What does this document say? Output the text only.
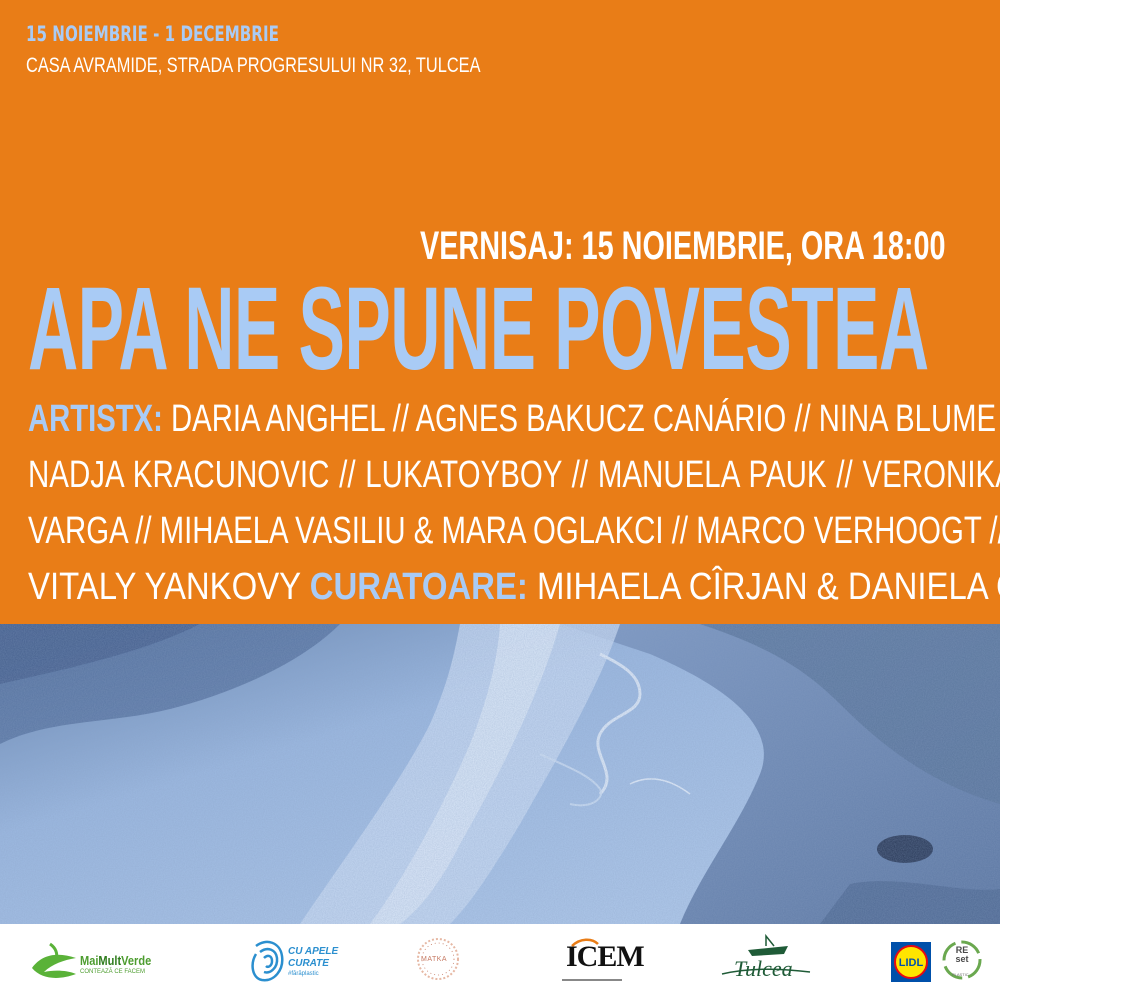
15 NOIEMBRIE - 1 DECEMBRIE
CASA AVRAMIDE, STRADA PROGRESULUI NR 32, TULCEA
VERNISAJ: 15 NOIEMBRIE, ORA 18:00
APA NE SPUNE POVESTEA
ARTISTX: DARIA ANGHEL // AGNES BAKUCZ CANÁRIO // NINA BLUME //
NADJA KRACUNOVIC // LUKATOYBOY // MANUELA PAUK // VERONIKA
VARGA // MIHAELA VASILIU & MARA OGLAKCI // MARCO VERHOOGT //
VITALY YANKOVY CURATOARE: MIHAELA CÎRJAN & DANIELA CUSTRIN
MaiMultVerde
CONTEAZĂ CE FACEM
CU APELE
CURATE
#fărăplastic
MATKA	ICEM	Tulcea	LIDL
RE
set
PLASTIC
